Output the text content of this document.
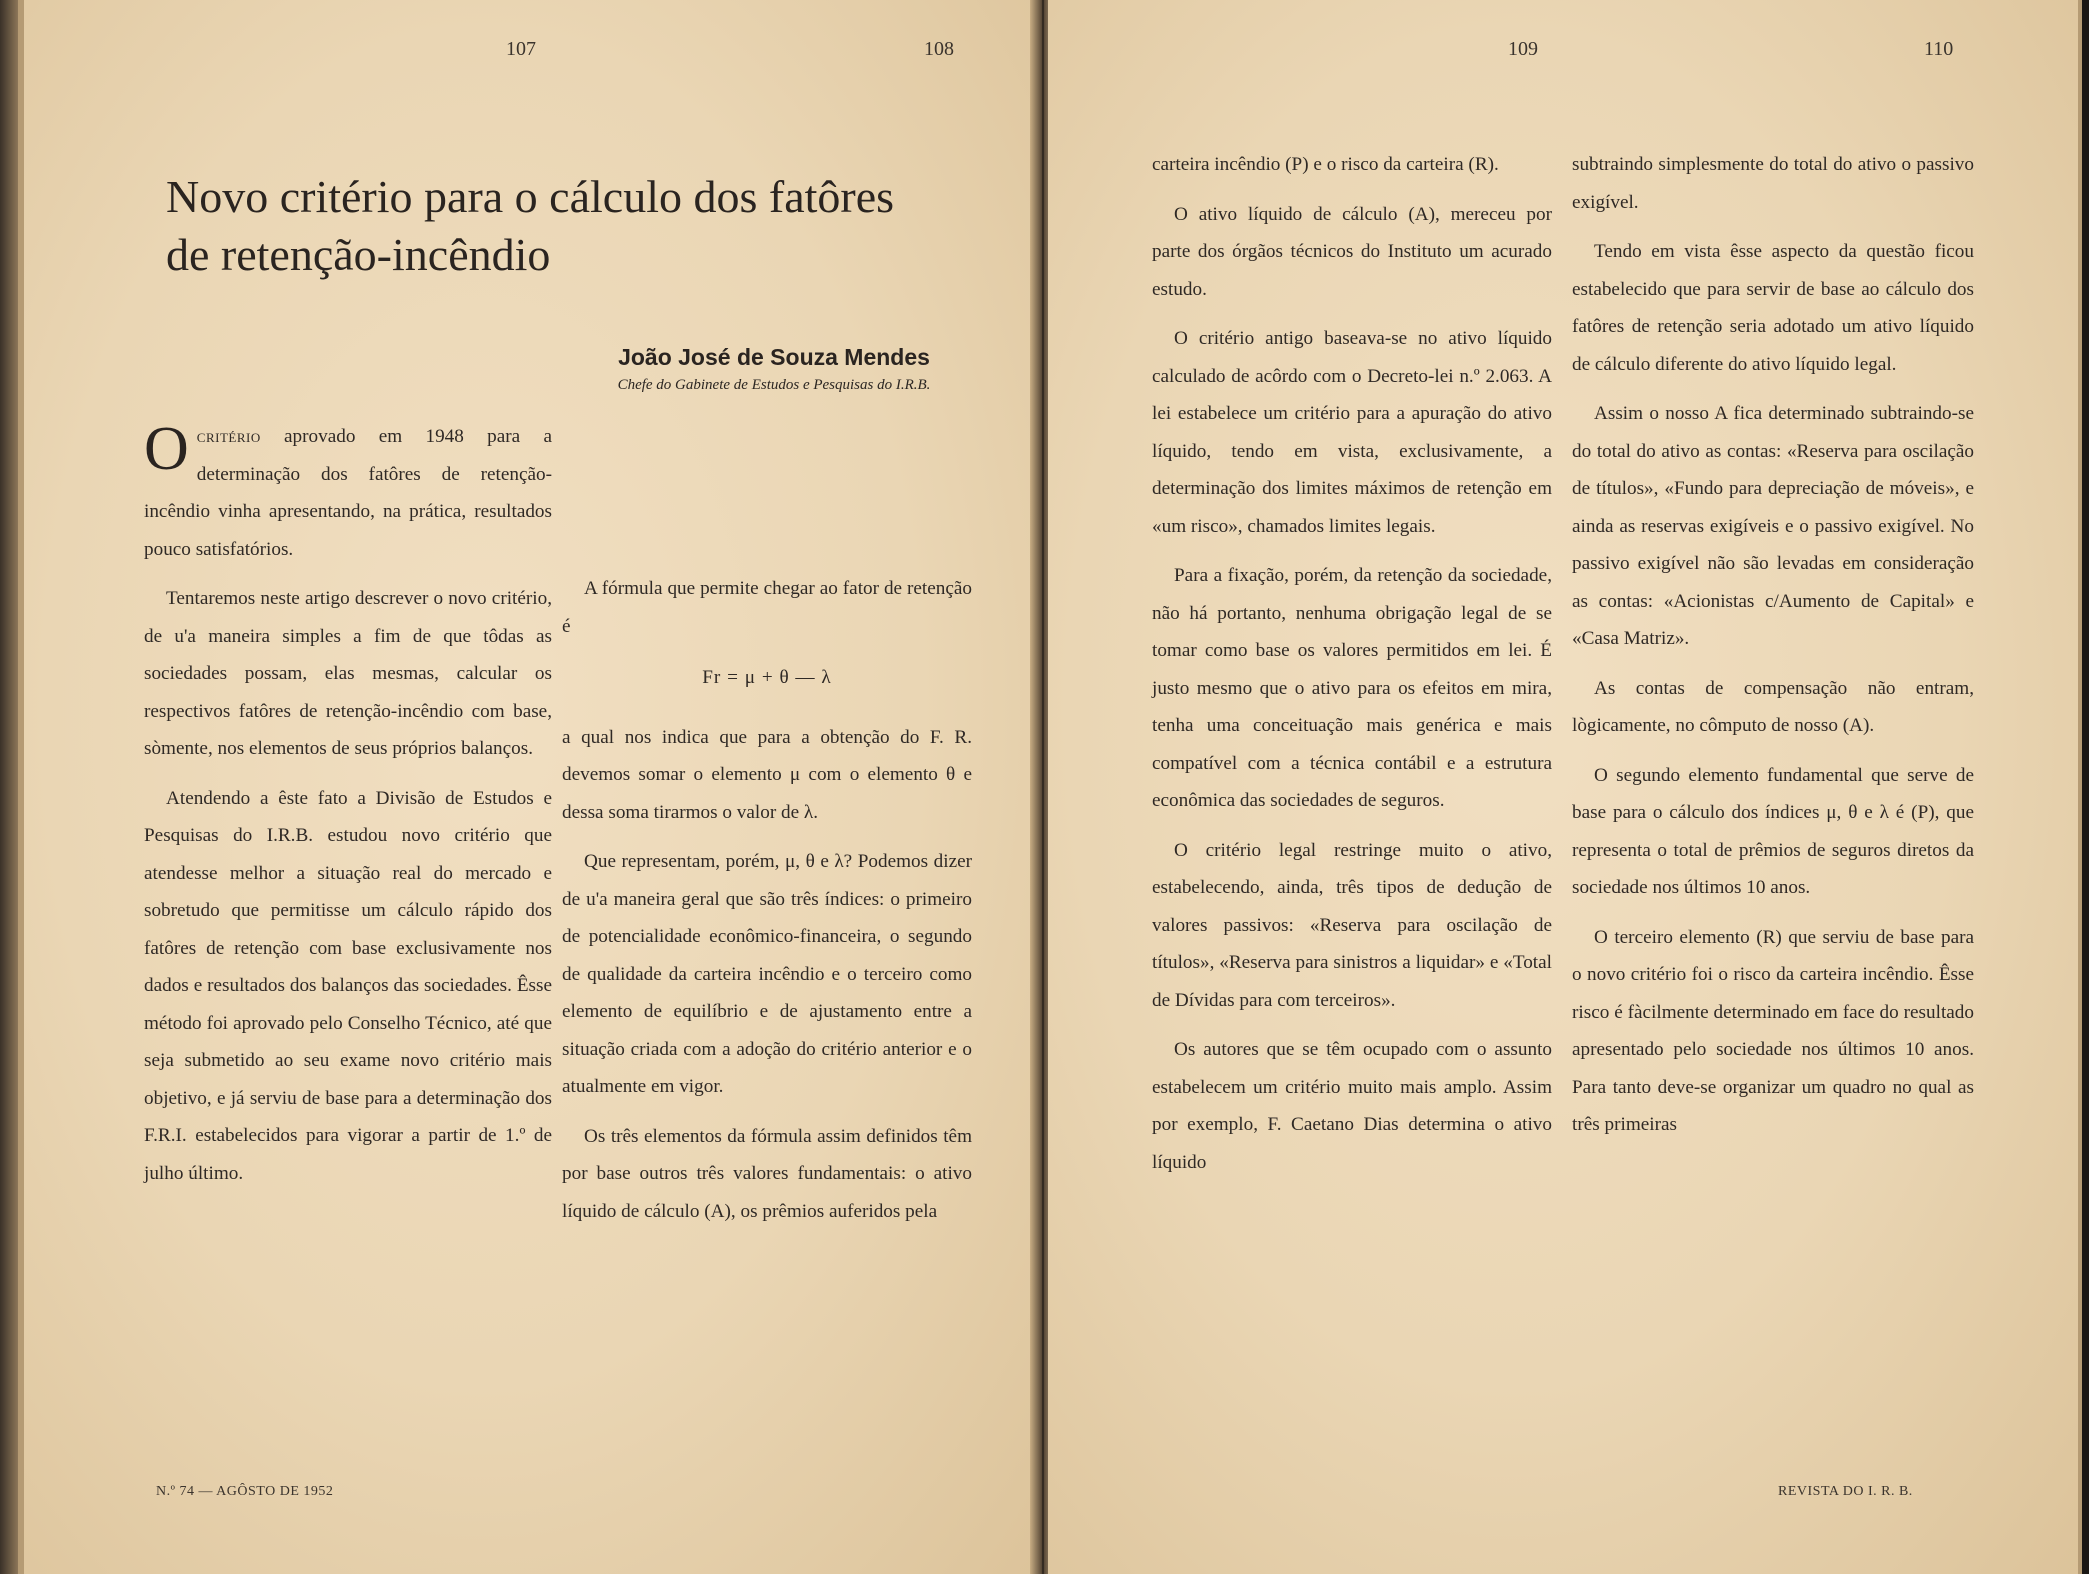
107	108
Novo critério para o cálculo dos fatôres de retenção-incêndio

João José de Souza Mendes

Chefe do Gabinete de Estudos e Pesquisas do I.R.B.

Ocritério aprovado em 1948 para a determinação dos fatôres de retenção-incêndio vinha apresentando, na prática, resultados pouco satisfatórios.

Tentaremos neste artigo descrever o novo critério, de u'a maneira simples a fim de que tôdas as sociedades possam, elas mesmas, calcular os respectivos fatôres de retenção-incêndio com base, sòmente, nos elementos de seus próprios balanços.

Atendendo a êste fato a Divisão de Estudos e Pesquisas do I.R.B. estudou novo critério que atendesse melhor a situação real do mercado e sobretudo que permitisse um cálculo rápido dos fatôres de retenção com base exclusivamente nos dados e resultados dos balanços das sociedades. Êsse método foi aprovado pelo Conselho Técnico, até que seja submetido ao seu exame novo critério mais objetivo, e já serviu de base para a determinação dos F.R.I. estabelecidos para vigorar a partir de 1.º de julho último.

A fórmula que permite chegar ao fator de retenção é

Fr = μ + θ — λ

a qual nos indica que para a obtenção do F. R. devemos somar o elemento μ com o elemento θ e dessa soma tirarmos o valor de λ.

Que representam, porém, μ, θ e λ? Podemos dizer de u'a maneira geral que são três índices: o primeiro de potencialidade econômico-financeira, o segundo de qualidade da carteira incêndio e o terceiro como elemento de equilíbrio e de ajustamento entre a situação criada com a adoção do critério anterior e o atualmente em vigor.

Os três elementos da fórmula assim definidos têm por base outros três valores fundamentais: o ativo líquido de cálculo (A), os prêmios auferidos pela

N.º 74 — AGÔSTO DE 1952
109	110

carteira incêndio (P) e o risco da carteira (R).

O ativo líquido de cálculo (A), mereceu por parte dos órgãos técnicos do Instituto um acurado estudo.

O critério antigo baseava-se no ativo líquido calculado de acôrdo com o Decreto-lei n.º 2.063. A lei estabelece um critério para a apuração do ativo líquido, tendo em vista, exclusivamente, a determinação dos limites máximos de retenção em «um risco», chamados limites legais.

Para a fixação, porém, da retenção da sociedade, não há portanto, nenhuma obrigação legal de se tomar como base os valores permitidos em lei. É justo mesmo que o ativo para os efeitos em mira, tenha uma conceituação mais genérica e mais compatível com a técnica contábil e a estrutura econômica das sociedades de seguros.

O critério legal restringe muito o ativo, estabelecendo, ainda, três tipos de dedução de valores passivos: «Reserva para oscilação de títulos», «Reserva para sinistros a liquidar» e «Total de Dívidas para com terceiros».

Os autores que se têm ocupado com o assunto estabelecem um critério muito mais amplo. Assim por exemplo, F. Caetano Dias determina o ativo líquido

subtraindo simplesmente do total do ativo o passivo exigível.

Tendo em vista êsse aspecto da questão ficou estabelecido que para servir de base ao cálculo dos fatôres de retenção seria adotado um ativo líquido de cálculo diferente do ativo líquido legal.

Assim o nosso A fica determinado subtraindo-se do total do ativo as contas: «Reserva para oscilação de títulos», «Fundo para depreciação de móveis», e ainda as reservas exigíveis e o passivo exigível. No passivo exigível não são levadas em consideração as contas: «Acionistas c/Aumento de Capital» e «Casa Matriz».

As contas de compensação não entram, lògicamente, no cômputo de nosso (A).

O segundo elemento fundamental que serve de base para o cálculo dos índices μ, θ e λ é (P), que representa o total de prêmios de seguros diretos da sociedade nos últimos 10 anos.

O terceiro elemento (R) que serviu de base para o novo critério foi o risco da carteira incêndio. Êsse risco é fàcilmente determinado em face do resultado apresentado pelo sociedade nos últimos 10 anos. Para tanto deve-se organizar um quadro no qual as três primeiras

REVISTA DO I. R. B.
